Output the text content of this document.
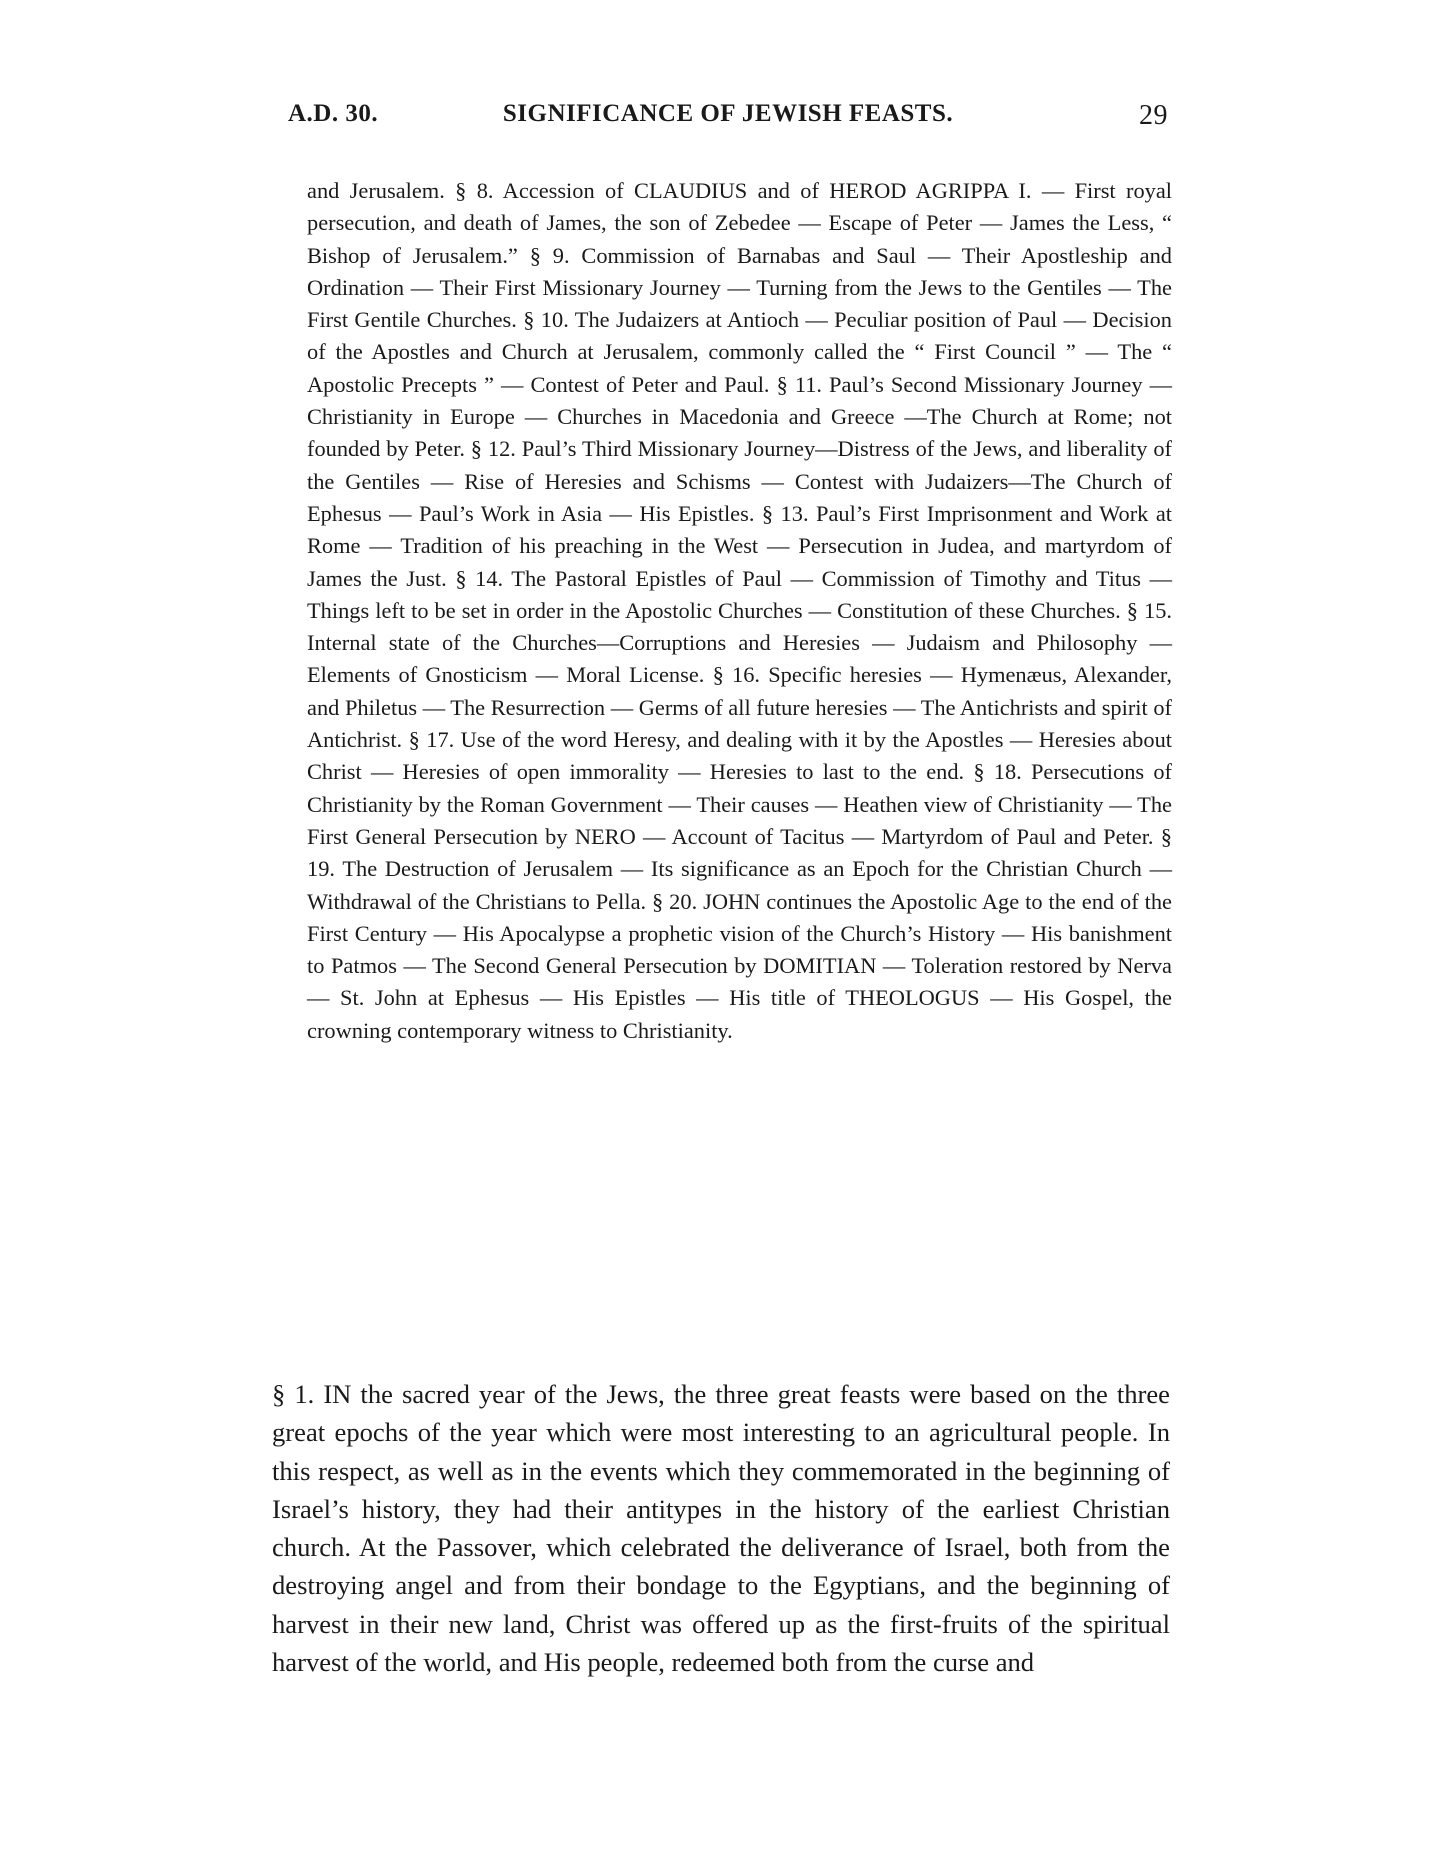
A.D. 30.	SIGNIFICANCE OF JEWISH FEASTS.	29

and Jerusalem. § 8. Accession of CLAUDIUS and of HEROD AGRIPPA I. — First royal persecution, and death of James, the son of Zebedee — Escape of Peter — James the Less, “ Bishop of Jerusalem.” § 9. Commission of Barnabas and Saul — Their Apostleship and Ordination — Their First Missionary Journey — Turning from the Jews to the Gentiles — The First Gentile Churches. § 10. The Judaizers at Antioch — Peculiar position of Paul — Decision of the Apostles and Church at Jerusalem, commonly called the “ First Council ” — The “ Apostolic Precepts ” — Contest of Peter and Paul. § 11. Paul’s Second Missionary Journey — Christianity in Europe — Churches in Macedonia and Greece —The Church at Rome; not founded by Peter. § 12. Paul’s Third Missionary Journey—Distress of the Jews, and liberality of the Gentiles — Rise of Heresies and Schisms — Contest with Judaizers—The Church of Ephesus — Paul’s Work in Asia — His Epistles. § 13. Paul’s First Imprisonment and Work at Rome — Tradition of his preaching in the West — Persecution in Judea, and martyrdom of James the Just. § 14. The Pastoral Epistles of Paul — Commission of Timothy and Titus — Things left to be set in order in the Apostolic Churches — Constitution of these Churches. § 15. Internal state of the Churches—Corruptions and Heresies — Judaism and Philosophy — Elements of Gnosticism — Moral License. § 16. Specific heresies — Hymenæus, Alexander, and Philetus — The Resurrection — Germs of all future heresies — The Antichrists and spirit of Antichrist. § 17. Use of the word Heresy, and dealing with it by the Apostles — Heresies about Christ — Heresies of open immorality — Heresies to last to the end. § 18. Persecutions of Christianity by the Roman Government — Their causes — Heathen view of Christianity — The First General Persecution by NERO — Account of Tacitus — Martyrdom of Paul and Peter. § 19. The Destruction of Jerusalem — Its significance as an Epoch for the Christian Church — Withdrawal of the Christians to Pella. § 20. JOHN continues the Apostolic Age to the end of the First Century — His Apocalypse a prophetic vision of the Church’s History — His banishment to Patmos — The Second General Persecution by DOMITIAN — Toleration restored by Nerva — St. John at Ephesus — His Epistles — His title of THEOLOGUS — His Gospel, the crowning contemporary witness to Christianity.

§ 1. IN the sacred year of the Jews, the three great feasts were based on the three great epochs of the year which were most interesting to an agricultural people. In this respect, as well as in the events which they commemorated in the beginning of Israel’s history, they had their antitypes in the history of the earliest Christian church. At the Passover, which celebrated the deliverance of Israel, both from the destroying angel and from their bondage to the Egyptians, and the beginning of harvest in their new land, Christ was offered up as the first-fruits of the spiritual harvest of the world, and His people, redeemed both from the curse and
